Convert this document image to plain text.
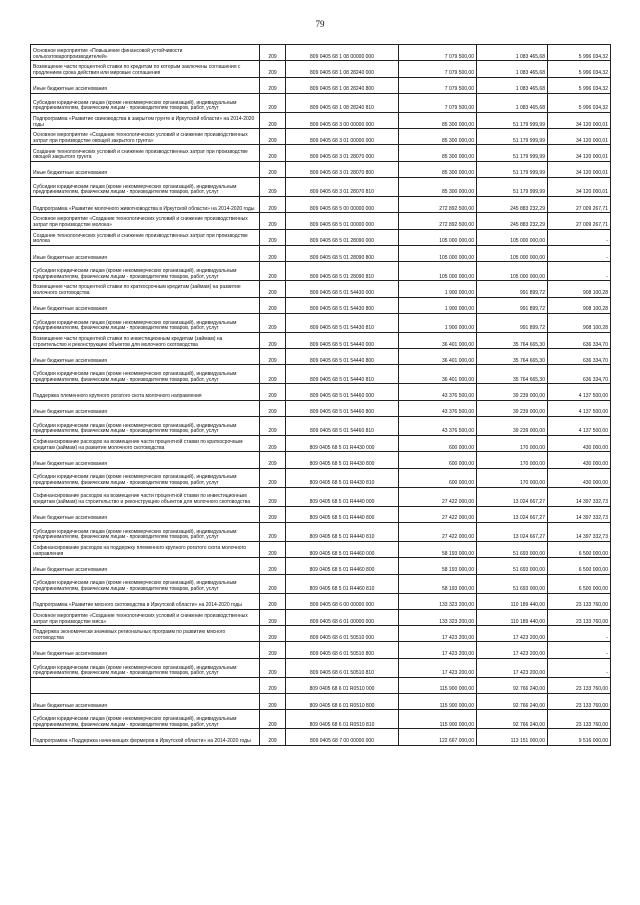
79
Основное мероприятие «Повышение финансовой устойчивости сельхозтоваропроизводителей»	209	809 0405 68 1 08 00000 000	7 079 500,00	1 083 465,68	5 996 034,32
Возмещение части процентной ставки по кредитам по которым заключены соглашения с продлением срока действия или мировые соглашения	209	809 0405 68 1 08 28240 000	7 079 500,00	1 083 465,68	5 996 034,32
Иные бюджетные ассигнования	209	809 0405 68 1 08 28240 800	7 079 500,00	1 083 465,68	5 996 034,32
Субсидии юридическим лицам (кроме некоммерческих организаций), индивидуальным предпринимателям, физическим лицам - производителям товаров, работ, услуг	209	809 0405 68 1 08 28240 810	7 079 500,00	1 083 465,68	5 996 034,32
Подпрограмма «Развитие свиноводства в закрытом грунте в Иркутской области» на 2014-2020 годы	209	809 0405 68 3 00 00000 000	85 300 000,00	51 179 999,99	34 120 000,01
Основное мероприятие «Создание технологических условий и снижение производственных затрат при производстве овощей закрытого грунта»	209	809 0405 68 3 01 00000 000	85 300 000,00	51 179 999,99	34 120 000,01
Создание технологических условий и снижение производственных затрат при производстве овощей закрытого грунта	209	809 0405 68 3 01 28070 000	85 300 000,00	51 179 999,99	34 120 000,01
Иные бюджетные ассигнования	209	809 0405 68 3 01 28070 800	85 300 000,00	51 179 999,99	34 120 000,01
Субсидии юридическим лицам (кроме некоммерческих организаций), индивидуальным предпринимателям, физическим лицам - производителям товаров, работ, услуг	209	809 0405 68 3 01 28070 810	85 300 000,00	51 179 999,99	34 120 000,01
Подпрограмма «Развитие молочного животноводства в Иркутской области» на 2014-2020 годы	209	809 0405 68 5 00 00000 000	272 892 500,00	245 883 232,29	27 009 267,71
Основное мероприятие «Создание технологических условий и снижение производственных затрат при производстве молока»	209	809 0405 68 5 01 00000 000	272 892 500,00	245 883 232,29	27 009 267,71
Создание технологических условий и снижение производственных затрат при производстве молока	209	809 0405 68 5 01 28090 000	105 000 000,00	105 000 000,00	-
Иные бюджетные ассигнования	209	809 0405 68 5 01 28090 800	105 000 000,00	105 000 000,00	-
Субсидии юридическим лицам (кроме некоммерческих организаций), индивидуальным предпринимателям, физическим лицам - производителям товаров, работ, услуг	209	809 0405 68 5 01 28090 810	105 000 000,00	105 000 000,00	-
Возмещение части процентной ставки по краткосрочным кредитам (займам) на развитие молочного скотоводства	209	809 0405 68 5 01 54430 000	1 900 000,00	991 899,72	908 100,28
Иные бюджетные ассигнования	209	809 0405 68 5 01 54430 800	1 900 000,00	991 899,72	908 100,28
Субсидии юридическим лицам (кроме некоммерческих организаций), индивидуальным предпринимателям, физическим лицам - производителям товаров, работ, услуг	209	809 0405 68 5 01 54430 810	1 900 000,00	991 899,72	908 100,28
Возмещение части процентной ставки по инвестиционным кредитам (займам) на строительство и реконструкцию объектов для молочного скотоводства	209	809 0405 68 5 01 54440 000	36 401 000,00	35 764 665,30	636 334,70
Иные бюджетные ассигнования	209	809 0405 68 5 01 54440 800	36 401 000,00	35 764 665,30	636 334,70
Субсидии юридическим лицам (кроме некоммерческих организаций), индивидуальным предпринимателям, физическим лицам - производителям товаров, работ, услуг	209	809 0405 68 5 01 54440 810	36 401 000,00	35 764 665,30	636 334,70
Поддержка племенного крупного рогатого скота молочного направления	209	809 0405 68 5 01 54460 000	43 376 500,00	39 239 000,00	4 137 500,00
Иные бюджетные ассигнования	209	809 0405 68 5 01 54460 800	43 376 500,00	39 239 000,00	4 137 500,00
Субсидии юридическим лицам (кроме некоммерческих организаций), индивидуальным предпринимателям, физическим лицам - производителям товаров, работ, услуг	209	809 0405 68 5 01 54460 810	43 376 500,00	39 239 000,00	4 137 500,00
Софинансирование расходов на возмещение части процентной ставки по краткосрочным кредитам (займам) на развитие молочного скотоводства	209	809 0405 68 5 01 R4430 000	600 000,00	170 000,00	430 000,00
Иные бюджетные ассигнования	209	809 0405 68 5 01 R4430 800	600 000,00	170 000,00	430 000,00
Субсидии юридическим лицам (кроме некоммерческих организаций), индивидуальным предпринимателям, физическим лицам - производителям товаров, работ, услуг	209	809 0405 68 5 01 R4430 810	600 000,00	170 000,00	430 000,00
Софинансирование расходов на возмещение части процентной ставки по инвестиционным кредитам (займам) на строительство и реконструкцию объектов для молочного скотоводства	209	809 0405 68 5 01 R4440 000	27 422 000,00	13 024 667,27	14 397 332,73
Иные бюджетные ассигнования	209	809 0405 68 5 01 R4440 800	27 422 000,00	13 024 667,27	14 397 332,73
Субсидии юридическим лицам (кроме некоммерческих организаций), индивидуальным предпринимателям, физическим лицам - производителям товаров, работ, услуг	209	809 0405 68 5 01 R4440 810	27 422 000,00	13 024 667,27	14 397 332,73
Софинансирование расходов на поддержку племенного крупного рогатого скота молочного направления	209	809 0405 68 5 01 R4460 000	58 193 000,00	51 693 000,00	6 500 000,00
Иные бюджетные ассигнования	209	809 0405 68 5 01 R4460 800	58 193 000,00	51 693 000,00	6 500 000,00
Субсидии юридическим лицам (кроме некоммерческих организаций), индивидуальным предпринимателям, физическим лицам - производителям товаров, работ, услуг	209	809 0405 68 5 01 R4460 810	58 193 000,00	51 693 000,00	6 500 000,00
Подпрограмма «Развитие мясного скотоводства в Иркутской области» на 2014-2020 годы	209	809 0405 68 6 00 00000 000	133 323 200,00	110 189 440,00	23 133 760,00
Основное мероприятие «Создание технологических условий и снижение производственных затрат при производстве мяса»	209	809 0405 68 6 01 00000 000	133 323 200,00	110 189 440,00	23 133 760,00
Поддержка экономически значимых региональных программ по развитию мясного скотоводства	209	809 0405 68 6 01 50510 000	17 423 200,00	17 423 200,00	-
Иные бюджетные ассигнования	209	809 0405 68 6 01 50510 800	17 423 200,00	17 423 200,00	-
Субсидии юридическим лицам (кроме некоммерческих организаций), индивидуальным предпринимателям, физическим лицам - производителям товаров, работ, услуг	209	809 0405 68 6 01 50510 810	17 423 200,00	17 423 200,00	-
	209	809 0405 68 6 01 R0510 000	115 900 000,00	92 766 240,00	23 133 760,00
Иные бюджетные ассигнования	209	809 0405 68 6 01 R0510 800	115 900 000,00	92 766 240,00	23 133 760,00
Субсидии юридическим лицам (кроме некоммерческих организаций), индивидуальным предпринимателям, физическим лицам - производителям товаров, работ, услуг	209	809 0405 68 6 01 R0510 810	115 900 000,00	92 766 240,00	23 133 760,00
Подпрограмма «Поддержка начинающих фермеров в Иркутской области» на 2014-2020 годы	209	809 0405 68 7 00 00000 000	122 667 000,00	113 151 000,00	9 516 000,00
